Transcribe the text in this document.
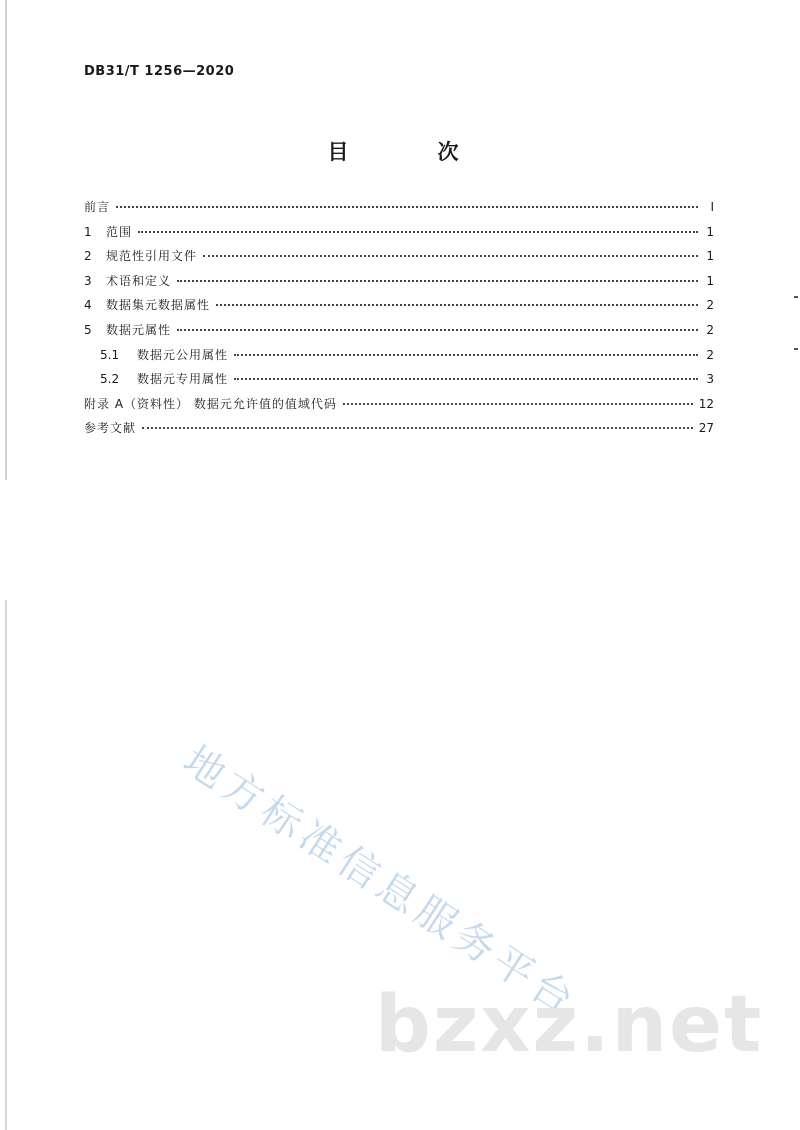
DB31/T 1256—2020
目　次
前言	Ⅰ
1	范围	1
2	规范性引用文件	1
3	术语和定义	1
4	数据集元数据属性	2
5	数据元属性	2
5.1	数据元公用属性	2
5.2	数据元专用属性	3
附录 A（资料性） 数据元允许值的值域代码	12
参考文献	27
地方标准信息服务平台
bzxz.net
